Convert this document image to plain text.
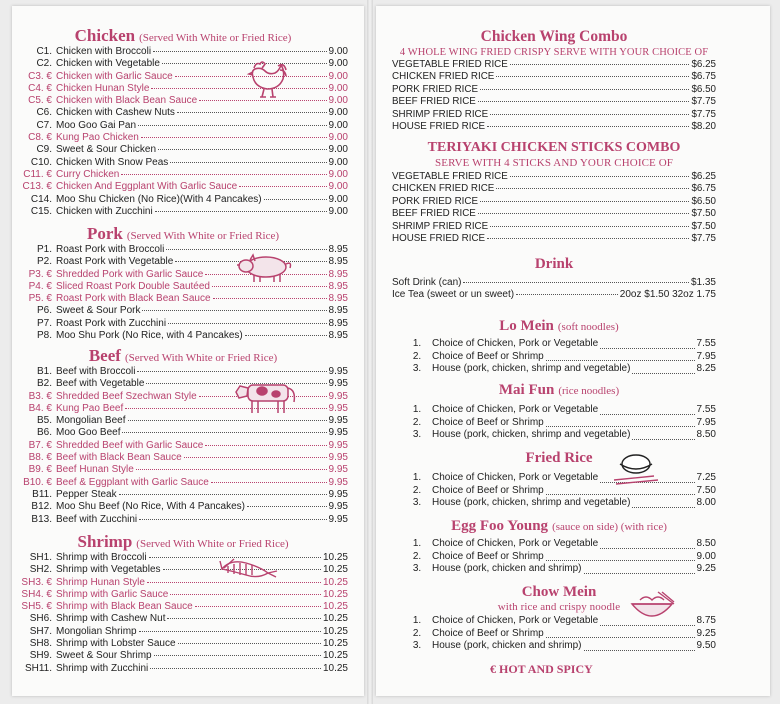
Chicken (Served With White or Fried Rice)
C1. Chicken with Broccoli	9.00
C2. Chicken with Vegetable	9.00
C3. € Chicken with Garlic Sauce	9.00
C4. € Chicken Hunan Style	9.00
C5. € Chicken with Black Bean Sauce	9.00
C6. Chicken with Cashew Nuts	9.00
C7. Moo Goo Gai Pan	9.00
C8. € Kung Pao Chicken	9.00
C9. Sweet & Sour Chicken	9.00
C10. Chicken With Snow Peas	9.00
C11. € Curry Chicken	9.00
C13. € Chicken And Eggplant With Garlic Sauce	9.00
C14. Moo Shu Chicken (No Rice)(With 4 Pancakes)	9.00
C15. Chicken with Zucchini	9.00
Pork (Served With White or Fried Rice)
P1. Roast Pork with Broccoli	8.95
P2. Roast Pork with Vegetable	8.95
P3. € Shredded Pork with Garlic Sauce	8.95
P4. € Sliced Roast Pork Double Sautéed	8.95
P5. € Roast Pork with Black Bean Sauce	8.95
P6. Sweet & Sour Pork	8.95
P7. Roast Pork with Zucchini	8.95
P8. Moo Shu Pork (No Rice, with 4 Pancakes)	8.95
Beef (Served With White or Fried Rice)
B1. Beef with Broccoli	9.95
B2. Beef with Vegetable	9.95
B3. € Shredded Beef Szechwan Style	9.95
B4. € Kung Pao Beef	9.95
B5. Mongolian Beef	9.95
B6. Moo Goo Beef	9.95
B7. € Shredded Beef with Garlic Sauce	9.95
B8. € Beef with Black Bean Sauce	9.95
B9. € Beef Hunan Style	9.95
B10. € Beef & Eggplant with Garlic Sauce	9.95
B11. Pepper Steak	9.95
B12. Moo Shu Beef (No Rice, With 4 Pancakes)	9.95
B13. Beef with Zucchini	9.95
Shrimp (Served With White or Fried Rice)
SH1. Shrimp with Broccoli	10.25
SH2. Shrimp with Vegetables	10.25
SH3. € Shrimp Hunan Style	10.25
SH4. € Shrimp with Garlic Sauce	10.25
SH5. € Shrimp with Black Bean Sauce	10.25
SH6. Shrimp with Cashew Nut	10.25
SH7. Mongolian Shrimp	10.25
SH8. Shrimp with Lobster Sauce	10.25
SH9. Sweet & Sour Shrimp	10.25
SH11. Shrimp with Zucchini	10.25
Chicken Wing Combo
4 WHOLE WING FRIED CRISPY SERVE WITH YOUR CHOICE OF
VEGETABLE FRIED RICE	$6.25
CHICKEN FRIED RICE	$6.75
PORK FRIED RICE	$6.50
BEEF FRIED RICE	$7.75
SHRIMP FRIED RICE	$7.75
HOUSE FRIED RICE	$8.20
TERIYAKI CHICKEN STICKS COMBO
SERVE WITH 4 STICKS AND YOUR CHOICE OF
VEGETABLE FRIED RICE	$6.25
CHICKEN FRIED RICE	$6.75
PORK FRIED RICE	$6.50
BEEF FRIED RICE	$7.50
SHRIMP FRIED RICE	$7.50
HOUSE FRIED RICE	$7.75
Drink
Soft Drink (can)	$1.35
Ice Tea (sweet or un sweet)	20oz $1.50 32oz 1.75
Lo Mein (soft noodles)
1.	Choice of Chicken, Pork or Vegetable	7.55
2.	Choice of Beef or Shrimp	7.95
3.	House (pork, chicken, shrimp and vegetable)	8.25
Mai Fun (rice noodles)
1.	Choice of Chicken, Pork or Vegetable	7.55
2.	Choice of Beef or Shrimp	7.95
3.	House (pork, chicken, shrimp and vegetable)	8.50
Fried Rice
1.	Choice of Chicken, Pork or Vegetable	7.25
2.	Choice of Beef or Shrimp	7.50
3.	House (pork, chicken, shrimp and vegetable)	8.00
Egg Foo Young (sauce on side) (with rice)
1.	Choice of Chicken, Pork or Vegetable	8.50
2.	Choice of Beef or Shrimp	9.00
3.	House (pork, chicken and shrimp)	9.25
Chow Mein
with rice and crispy noodle
1.	Choice of Chicken, Pork or Vegetable	8.75
2.	Choice of Beef or Shrimp	9.25
3.	House (pork, chicken and shrimp)	9.50
€ HOT AND SPICY
